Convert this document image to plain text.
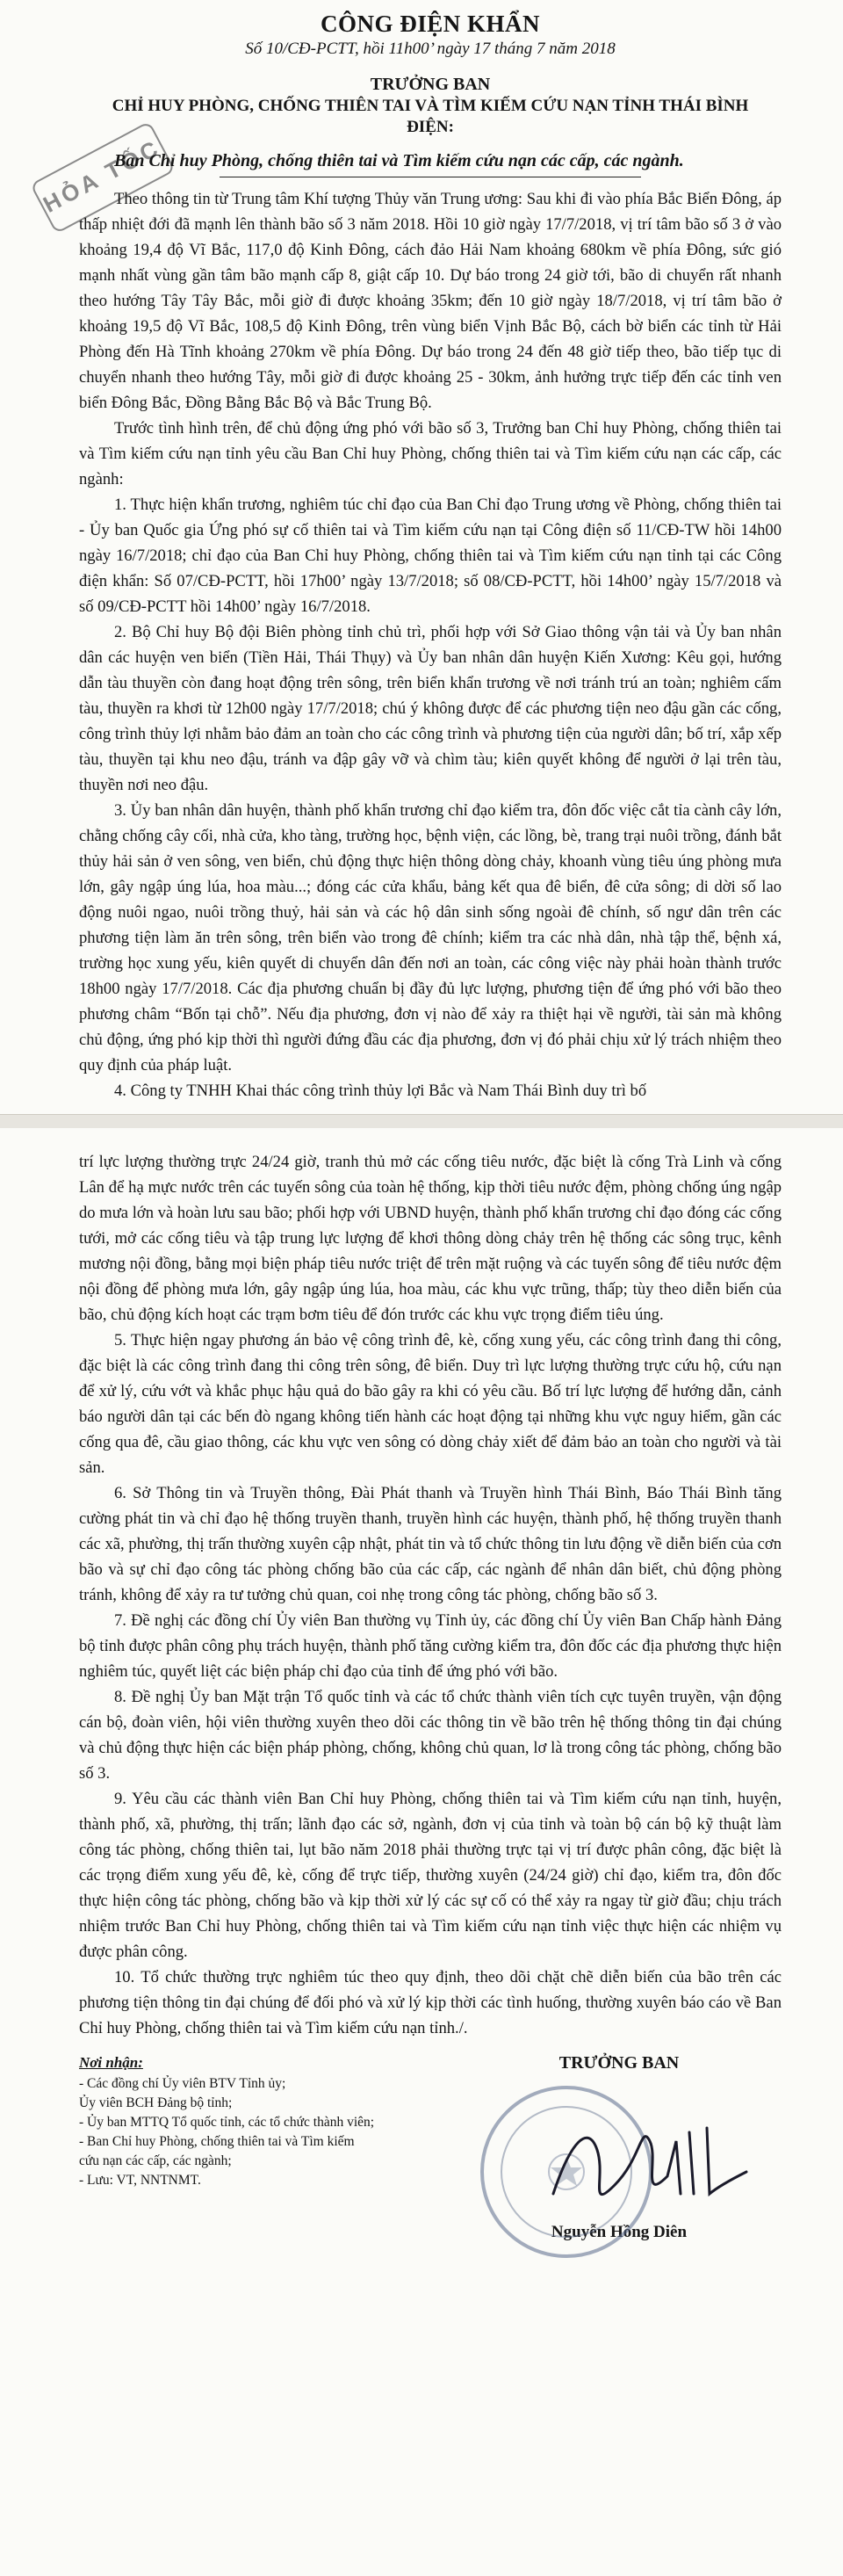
HỎA TỐC
CÔNG ĐIỆN KHẨN
Số 10/CĐ-PCTT, hồi 11h00’ ngày 17 tháng 7 năm 2018
TRƯỞNG BAN
CHỈ HUY PHÒNG, CHỐNG THIÊN TAI VÀ TÌM KIẾM CỨU NẠN TỈNH THÁI BÌNH
ĐIỆN:
Ban Chỉ huy Phòng, chống thiên tai và Tìm kiếm cứu nạn các cấp, các ngành.

Theo thông tin từ Trung tâm Khí tượng Thủy văn Trung ương: Sau khi đi vào phía Bắc Biển Đông, áp thấp nhiệt đới đã mạnh lên thành bão số 3 năm 2018. Hồi 10 giờ ngày 17/7/2018, vị trí tâm bão số 3 ở vào khoảng 19,4 độ Vĩ Bắc, 117,0 độ Kinh Đông, cách đảo Hải Nam khoảng 680km về phía Đông, sức gió mạnh nhất vùng gần tâm bão mạnh cấp 8, giật cấp 10. Dự báo trong 24 giờ tới, bão di chuyển rất nhanh theo hướng Tây Tây Bắc, mỗi giờ đi được khoảng 35km; đến 10 giờ ngày 18/7/2018, vị trí tâm bão ở khoảng 19,5 độ Vĩ Bắc, 108,5 độ Kinh Đông, trên vùng biển Vịnh Bắc Bộ, cách bờ biển các tỉnh từ Hải Phòng đến Hà Tĩnh khoảng 270km về phía Đông. Dự báo trong 24 đến 48 giờ tiếp theo, bão tiếp tục di chuyển nhanh theo hướng Tây, mỗi giờ đi được khoảng 25 - 30km, ảnh hưởng trực tiếp đến các tỉnh ven biển Đông Bắc, Đồng Bằng Bắc Bộ và Bắc Trung Bộ.

Trước tình hình trên, để chủ động ứng phó với bão số 3, Trưởng ban Chỉ huy Phòng, chống thiên tai và Tìm kiếm cứu nạn tỉnh yêu cầu Ban Chỉ huy Phòng, chống thiên tai và Tìm kiếm cứu nạn các cấp, các ngành:

1. Thực hiện khẩn trương, nghiêm túc chỉ đạo của Ban Chỉ đạo Trung ương về Phòng, chống thiên tai - Ủy ban Quốc gia Ứng phó sự cố thiên tai và Tìm kiếm cứu nạn tại Công điện số 11/CĐ-TW hồi 14h00 ngày 16/7/2018; chỉ đạo của Ban Chỉ huy Phòng, chống thiên tai và Tìm kiếm cứu nạn tỉnh tại các Công điện khẩn: Số 07/CĐ-PCTT, hồi 17h00’ ngày 13/7/2018; số 08/CĐ-PCTT, hồi 14h00’ ngày 15/7/2018 và số 09/CĐ-PCTT hồi 14h00’ ngày 16/7/2018.

2. Bộ Chỉ huy Bộ đội Biên phòng tỉnh chủ trì, phối hợp với Sở Giao thông vận tải và Ủy ban nhân dân các huyện ven biển (Tiền Hải, Thái Thụy) và Ủy ban nhân dân huyện Kiến Xương: Kêu gọi, hướng dẫn tàu thuyền còn đang hoạt động trên sông, trên biển khẩn trương về nơi tránh trú an toàn; nghiêm cấm tàu, thuyền ra khơi từ 12h00 ngày 17/7/2018; chú ý không được để các phương tiện neo đậu gần các cống, công trình thủy lợi nhằm bảo đảm an toàn cho các công trình và phương tiện của người dân; bố trí, xắp xếp tàu, thuyền tại khu neo đậu, tránh va đập gây vỡ và chìm tàu; kiên quyết không để người ở lại trên tàu, thuyền nơi neo đậu.

3. Ủy ban nhân dân huyện, thành phố khẩn trương chỉ đạo kiểm tra, đôn đốc việc cắt tỉa cành cây lớn, chằng chống cây cối, nhà cửa, kho tàng, trường học, bệnh viện, các lồng, bè, trang trại nuôi trồng, đánh bắt thủy hải sản ở ven sông, ven biển, chủ động thực hiện thông dòng chảy, khoanh vùng tiêu úng phòng mưa lớn, gây ngập úng lúa, hoa màu...; đóng các cửa khẩu, bảng kết qua đê biển, đê cửa sông; di dời số lao động nuôi ngao, nuôi trồng thuỷ, hải sản và các hộ dân sinh sống ngoài đê chính, số ngư dân trên các phương tiện làm ăn trên sông, trên biển vào trong đê chính; kiểm tra các nhà dân, nhà tập thể, bệnh xá, trường học xung yếu, kiên quyết di chuyển dân đến nơi an toàn, các công việc này phải hoàn thành trước 18h00 ngày 17/7/2018. Các địa phương chuẩn bị đầy đủ lực lượng, phương tiện để ứng phó với bão theo phương châm “Bốn tại chỗ”. Nếu địa phương, đơn vị nào để xảy ra thiệt hại về người, tài sản mà không chủ động, ứng phó kịp thời thì người đứng đầu các địa phương, đơn vị đó phải chịu xử lý trách nhiệm theo quy định của pháp luật.

4. Công ty TNHH Khai thác công trình thủy lợi Bắc và Nam Thái Bình duy trì bố

trí lực lượng thường trực 24/24 giờ, tranh thủ mở các cống tiêu nước, đặc biệt là cống Trà Linh và cống Lân để hạ mực nước trên các tuyến sông của toàn hệ thống, kịp thời tiêu nước đệm, phòng chống úng ngập do mưa lớn và hoàn lưu sau bão; phối hợp với UBND huyện, thành phố khẩn trương chỉ đạo đóng các cống tưới, mở các cống tiêu và tập trung lực lượng để khơi thông dòng chảy trên hệ thống các sông trục, kênh mương nội đồng, bằng mọi biện pháp tiêu nước triệt để trên mặt ruộng và các tuyến sông để tiêu nước đệm nội đồng để phòng mưa lớn, gây ngập úng lúa, hoa màu, các khu vực trũng, thấp; tùy theo diễn biến của bão, chủ động kích hoạt các trạm bơm tiêu để đón trước các khu vực trọng điểm tiêu úng.

5. Thực hiện ngay phương án bảo vệ công trình đê, kè, cống xung yếu, các công trình đang thi công, đặc biệt là các công trình đang thi công trên sông, đê biển. Duy trì lực lượng thường trực cứu hộ, cứu nạn để xử lý, cứu vớt và khắc phục hậu quả do bão gây ra khi có yêu cầu. Bố trí lực lượng để hướng dẫn, cảnh báo người dân tại các bến đò ngang không tiến hành các hoạt động tại những khu vực nguy hiểm, gần các cống qua đê, cầu giao thông, các khu vực ven sông có dòng chảy xiết để đảm bảo an toàn cho người và tài sản.

6. Sở Thông tin và Truyền thông, Đài Phát thanh và Truyền hình Thái Bình, Báo Thái Bình tăng cường phát tin và chỉ đạo hệ thống truyền thanh, truyền hình các huyện, thành phố, hệ thống truyền thanh các xã, phường, thị trấn thường xuyên cập nhật, phát tin và tổ chức thông tin lưu động về diễn biến của cơn bão và sự chỉ đạo công tác phòng chống bão của các cấp, các ngành để nhân dân biết, chủ động phòng tránh, không để xảy ra tư tưởng chủ quan, coi nhẹ trong công tác phòng, chống bão số 3.

7. Đề nghị các đồng chí Ủy viên Ban thường vụ Tỉnh ủy, các đồng chí Ủy viên Ban Chấp hành Đảng bộ tỉnh được phân công phụ trách huyện, thành phố tăng cường kiểm tra, đôn đốc các địa phương thực hiện nghiêm túc, quyết liệt các biện pháp chỉ đạo của tỉnh để ứng phó với bão.

8. Đề nghị Ủy ban Mặt trận Tổ quốc tỉnh và các tổ chức thành viên tích cực tuyên truyền, vận động cán bộ, đoàn viên, hội viên thường xuyên theo dõi các thông tin về bão trên hệ thống thông tin đại chúng và chủ động thực hiện các biện pháp phòng, chống, không chủ quan, lơ là trong công tác phòng, chống bão số 3.

9. Yêu cầu các thành viên Ban Chỉ huy Phòng, chống thiên tai và Tìm kiếm cứu nạn tỉnh, huyện, thành phố, xã, phường, thị trấn; lãnh đạo các sở, ngành, đơn vị của tỉnh và toàn bộ cán bộ kỹ thuật làm công tác phòng, chống thiên tai, lụt bão năm 2018 phải thường trực tại vị trí được phân công, đặc biệt là các trọng điểm xung yếu đê, kè, cống để trực tiếp, thường xuyên (24/24 giờ) chỉ đạo, kiểm tra, đôn đốc thực hiện công tác phòng, chống bão và kịp thời xử lý các sự cố có thể xảy ra ngay từ giờ đầu; chịu trách nhiệm trước Ban Chỉ huy Phòng, chống thiên tai và Tìm kiếm cứu nạn tỉnh việc thực hiện các nhiệm vụ được phân công.

10. Tổ chức thường trực nghiêm túc theo quy định, theo dõi chặt chẽ diễn biến của bão trên các phương tiện thông tin đại chúng để đối phó và xử lý kịp thời các tình huống, thường xuyên báo cáo về Ban Chỉ huy Phòng, chống thiên tai và Tìm kiếm cứu nạn tỉnh./.

Nơi nhận:
- Các đồng chí Ủy viên BTV Tỉnh ủy;
Ủy viên BCH Đảng bộ tỉnh;
- Ủy ban MTTQ Tổ quốc tỉnh, các tổ chức thành viên;
- Ban Chỉ huy Phòng, chống thiên tai và Tìm kiếm cứu nạn các cấp, các ngành;
- Lưu: VT, NNTNMT.
TRƯỞNG BAN
Nguyễn Hồng Diên
